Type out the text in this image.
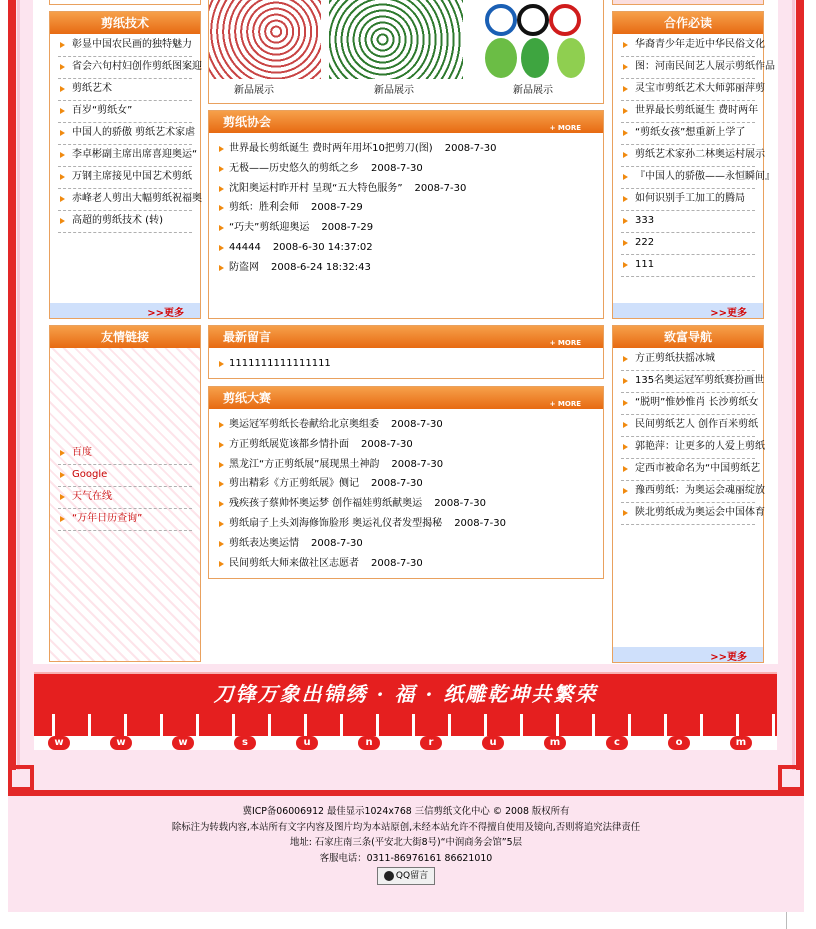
剪纸技术
彰显中国农民画的独特魅力
省会六旬村妇创作剪纸图案迎
剪纸艺术
百岁“剪纸女”
中国人的骄傲 剪纸艺术家虐
李卓彬副主席出席喜迎奥运“
万钢主席接见中国艺术剪纸
赤峰老人剪出大幅剪纸祝福奥
高超的剪纸技术 (转)
>>更多
新品展示	新品展示	新品展示
合作必读
华裔青少年走近中华民俗文化
图：河南民间艺人展示剪纸作品
灵宝市剪纸艺术大师郭丽萍剪
世界最长剪纸诞生 费时两年
“剪纸女孩”想重新上学了
剪纸艺术家孙二林奥运村展示
『中国人的骄傲——永恒瞬间』
如何识别手工加工的腾局
333
222
111
>>更多
剪纸协会	+ MORE
世界最长剪纸诞生 费时两年用坏10把剪刀(图) 2008-7-30
无极——历史悠久的剪纸之乡 2008-7-30
沈阳奥运村昨开村 呈现“五大特色服务” 2008-7-30
剪纸：胜利会师 2008-7-29
“巧夫”剪纸迎奥运 2008-7-29
44444 2008-6-30 14:37:02
防盗网 2008-6-24 18:32:43
友情链接
百度
Google
天气在线
“万年日历查询”
最新留言	+ MORE
1111111111111111
剪纸大赛	+ MORE
奥运冠军剪纸长卷献给北京奥组委 2008-7-30
方正剪纸展览该都乡情扑面 2008-7-30
黑龙江“方正剪纸展”展现黑土神韵 2008-7-30
剪出精彩《方正剪纸展》侧记 2008-7-30
残疾孩子蔡帅怀奥运梦 创作福娃剪纸献奥运 2008-7-30
剪纸扇子上头刘海修饰脸形 奥运礼仪者发型揭秘 2008-7-30
剪纸表达奥运情 2008-7-30
民间剪纸大师来做社区志愿者 2008-7-30
致富导航
方正剪纸扶摇冰城
135名奥运冠军剪纸赛扮画世
“脱明”惟妙惟肖 长沙剪纸女
民间剪纸艺人 创作百米剪纸
郭艳萍：让更多的人爱上剪纸
定西市被命名为“中国剪纸艺
豫西剪纸：为奥运会魂丽绽放
陕北剪纸成为奥运会中国体育
>>更多
刀锋万象出锦绣 · 福 · 纸雕乾坤共繁荣
w	w	w	s	u	n	r	u	m	c	o	m
冀ICP备06006912 最佳显示1024x768 三信剪纸文化中心 © 2008 版权所有
除标注为转载内容,本站所有文字内容及图片均为本站原创,未经本站允许不得擅自使用及镜向,否则将追究法律责任
地址: 石家庄南三条(平安北大街8号)“中润商务会馆”5层
客服电话：0311-86976161 86621010
QQ留言
